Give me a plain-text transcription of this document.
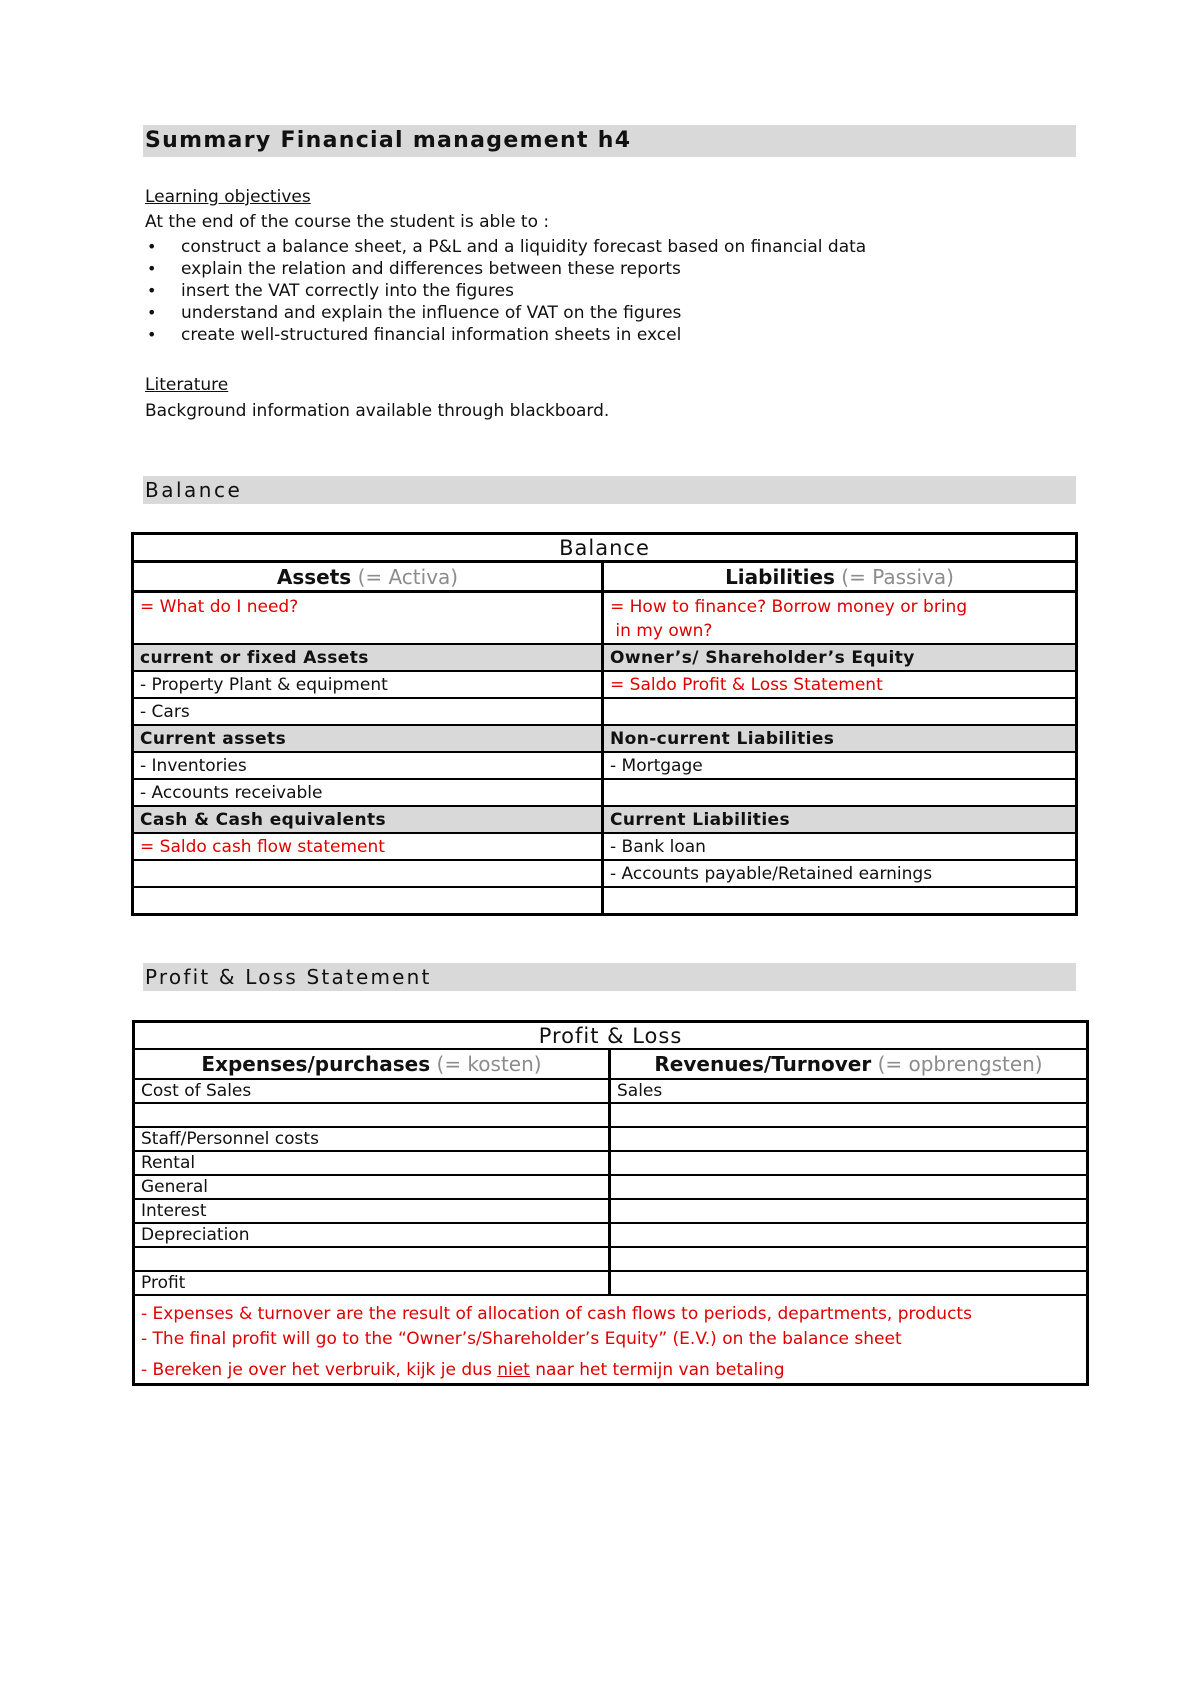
Summary Financial management h4
Learning objectives
At the end of the course the student is able to :
• construct a balance sheet, a P&L and a liquidity forecast based on financial data
• explain the relation and differences between these reports
• insert the VAT correctly into the figures
• understand and explain the influence of VAT on the figures
• create well-structured financial information sheets in excel
Literature
Background information available through blackboard.
Balance
Balance	
Assets (= Activa)	Liabilities (= Passiva)
= What do I need?	= How to finance? Borrow money or bring
in my own?
current or fixed Assets	Owner’s/ Shareholder’s Equity
- Property Plant & equipment	= Saldo Profit & Loss Statement
- Cars	
Current assets	Non-current Liabilities
- Inventories	- Mortgage
- Accounts receivable	
Cash & Cash equivalents	Current Liabilities
= Saldo cash flow statement	- Bank loan
	- Accounts payable/Retained earnings

Profit & Loss Statement
Profit & Loss	
Expenses/purchases (= kosten)	Revenues/Turnover (= opbrengsten)
Cost of Sales	Sales

Staff/Personnel costs	
Rental	
General	
Interest	
Depreciation	

Profit	

- Expenses & turnover are the result of allocation of cash flows to periods, departments, products
- The final profit will go to the “Owner’s/Shareholder’s Equity” (E.V.) on the balance sheet
- Bereken je over het verbruik, kijk je dus niet naar het termijn van betaling	
